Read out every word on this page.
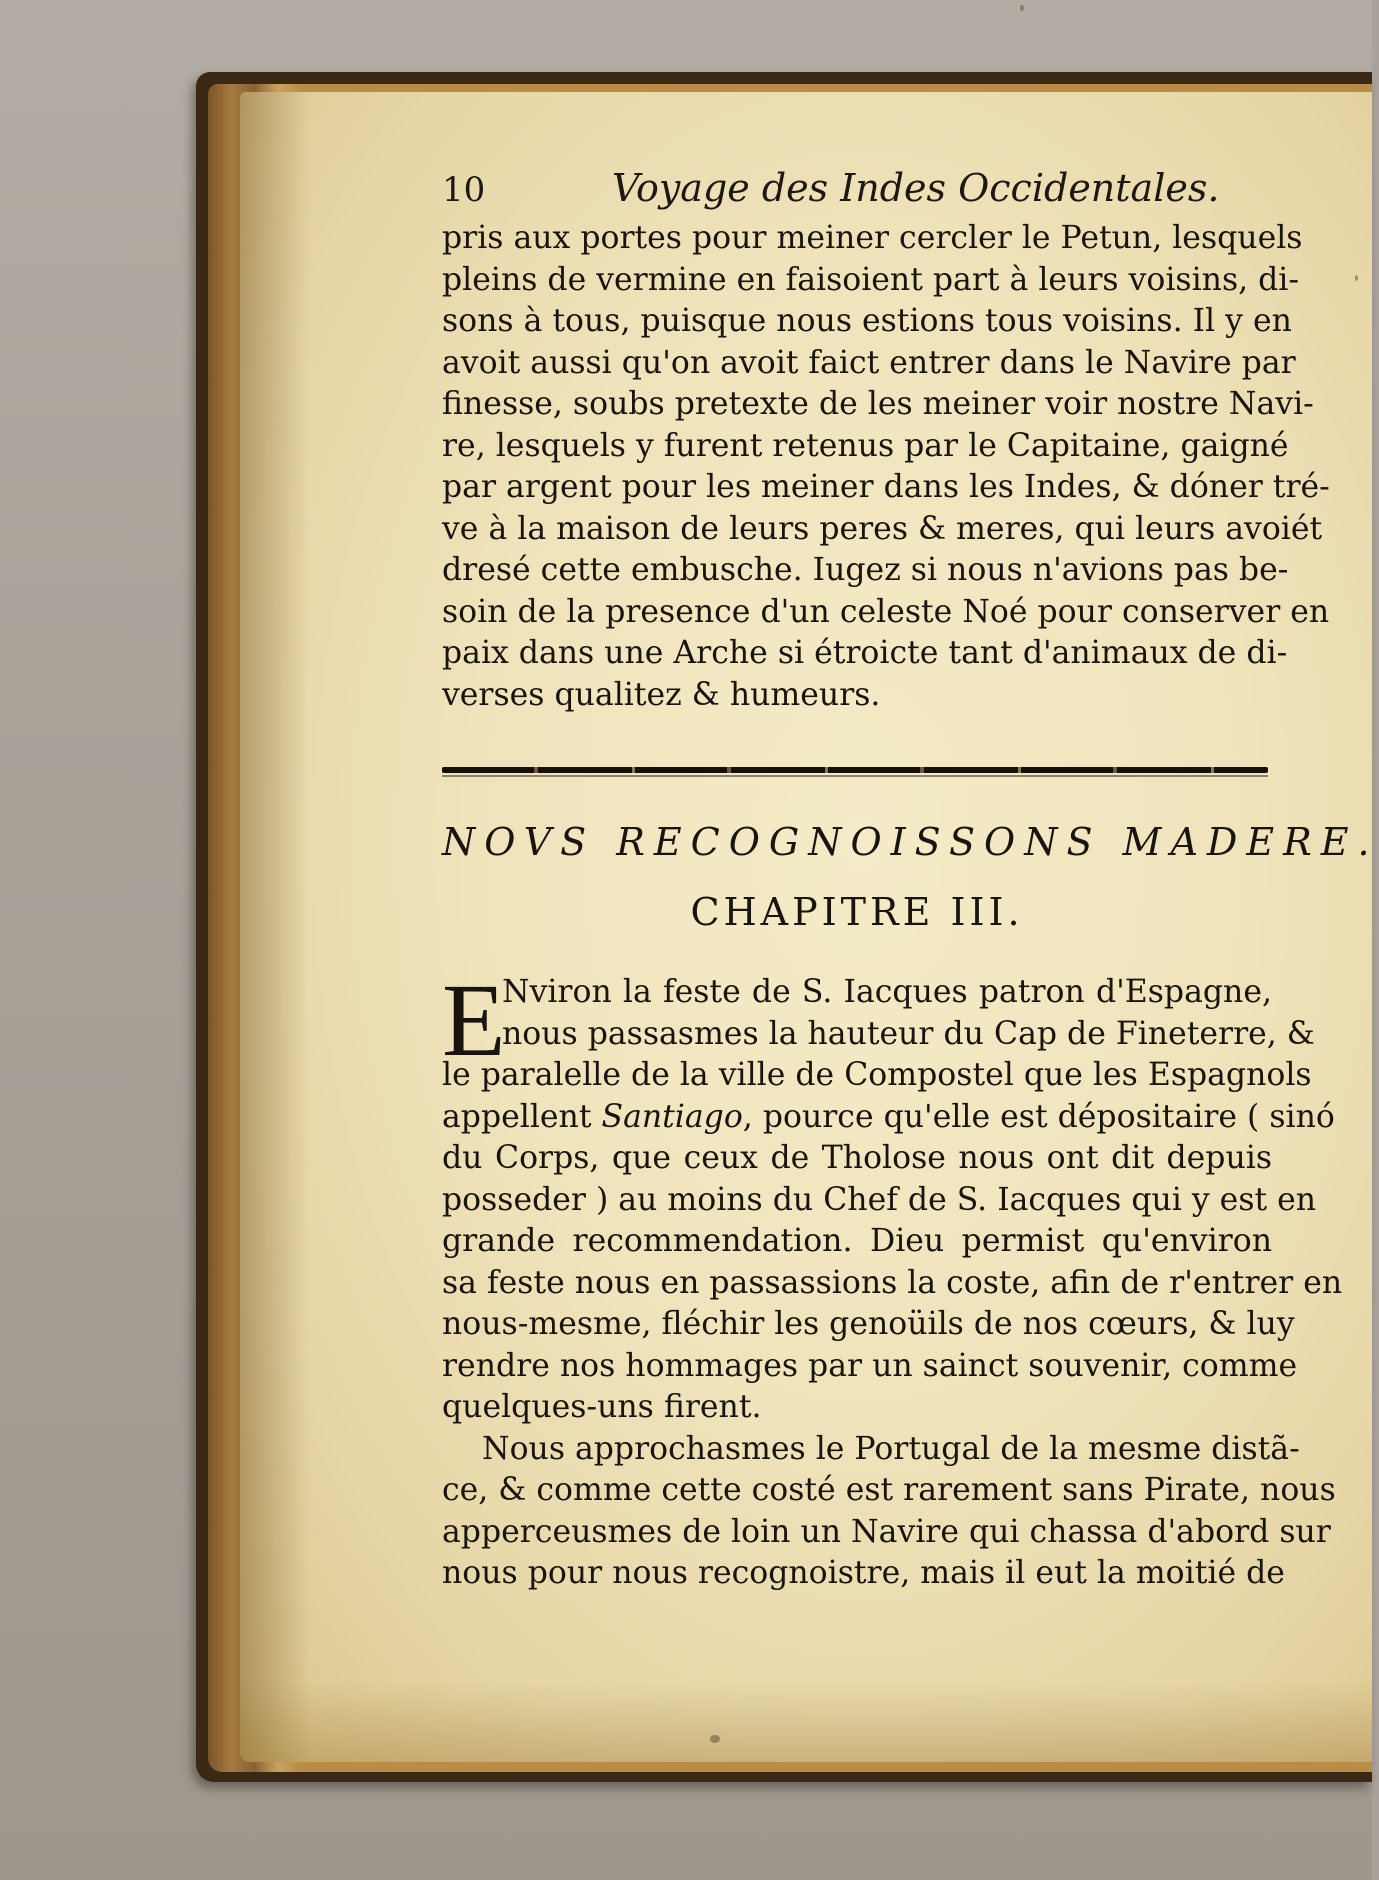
10	Voyage des Indes Occidentales.
pris aux portes pour meiner cercler le Petun, lesquels
pleins de vermine en faisoient part à leurs voisins, di-
sons à tous, puisque nous estions tous voisins. Il y en
avoit aussi qu'on avoit faict entrer dans le Navire par
finesse, soubs pretexte de les meiner voir nostre Navi-
re, lesquels y furent retenus par le Capitaine, gaigné
par argent pour les meiner dans les Indes, & dóner tré-
ve à la maison de leurs peres & meres, qui leurs avoiét
dresé cette embusche. Iugez si nous n'avions pas be-
soin de la presence d'un celeste Noé pour conserver en
paix dans une Arche si étroicte tant d'animaux de di-
verses qualitez & humeurs.
NOVS RECOGNOISSONS MADERE.
CHAPITRE III.
E
Nviron la feste de S. Iacques patron d'Espagne,
nous passasmes la hauteur du Cap de Fineterre, &
le paralelle de la ville de Compostel que les Espagnols
appellent Santiago, pource qu'elle est dépositaire ( sinó
du Corps, que ceux de Tholose nous ont dit depuis
posseder ) au moins du Chef de S. Iacques qui y est en
grande recommendation. Dieu permist qu'environ
sa feste nous en passassions la coste, afin de r'entrer en
nous-mesme, fléchir les genoüils de nos cœurs, & luy
rendre nos hommages par un sainct souvenir, comme
quelques-uns firent.
Nous approchasmes le Portugal de la mesme distã-
ce, & comme cette costé est rarement sans Pirate, nous
apperceusmes de loin un Navire qui chassa d'abord sur
nous pour nous recognoistre, mais il eut la moitié de
